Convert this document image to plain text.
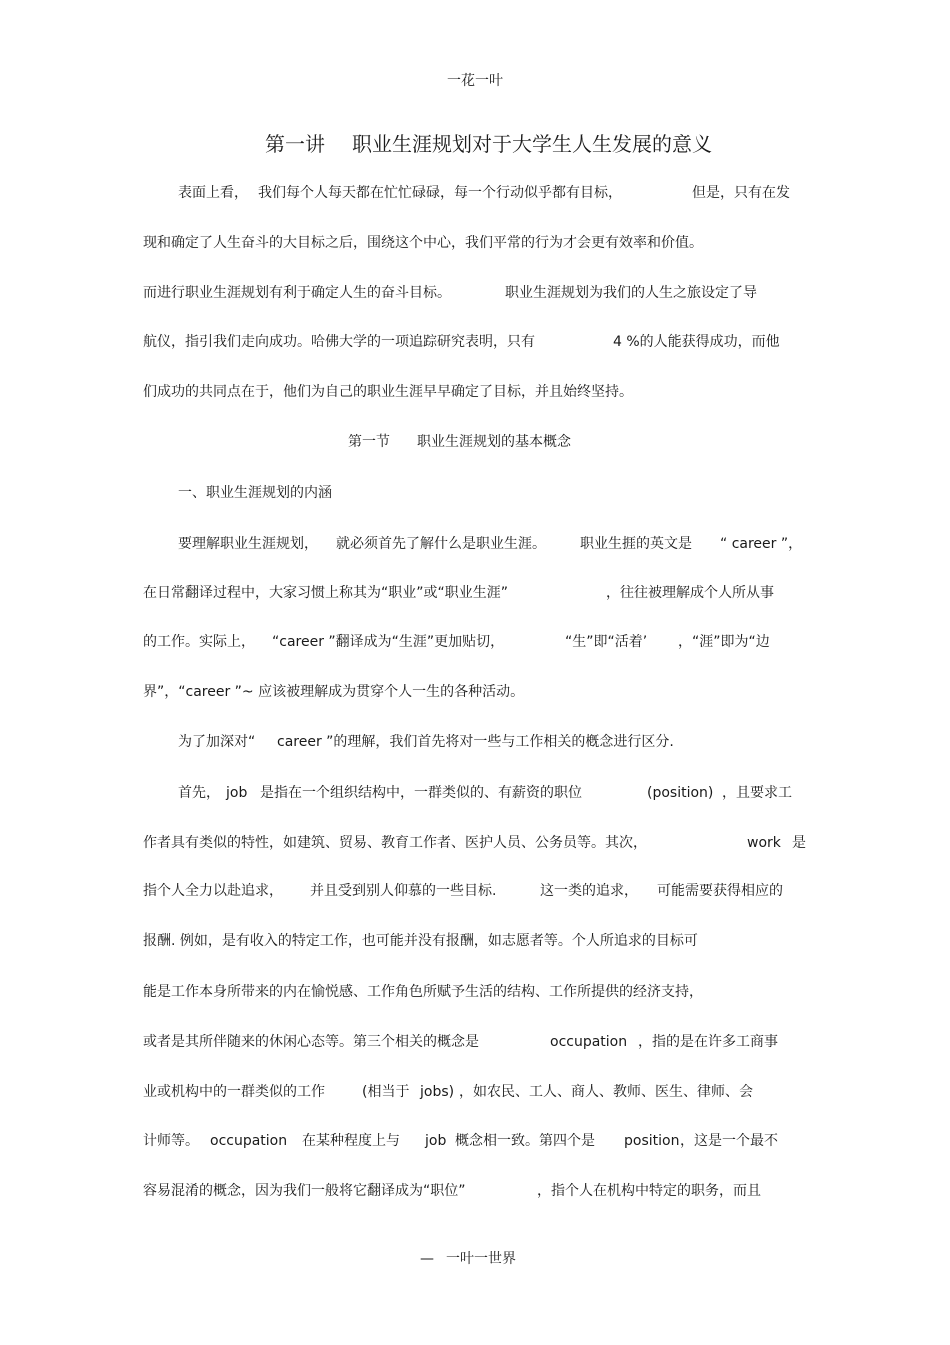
一花一叶

第一讲

职业生涯规划对于大学生人生发展的意义

表面上看，

我们每个人每天都在忙忙碌碌，每一个行动似乎都有目标，

	但是，只有在发

现和确定了人生奋斗的大目标之后，围绕这个中心，我们平常的行为才会更有效率和价值。

而进行职业生涯规划有利于确定人生的奋斗目标。

	职业生涯规划为我们的人生之旅设定了导

航仪，指引我们走向成功。哈佛大学的一项追踪研究表明，只有

	4 %的人能获得成功，而他

们成功的共同点在于，他们为自己的职业生涯早早确定了目标，并且始终坚持。

第一节

职业生涯规划的基本概念

一、职业生涯规划的内涵

要理解职业生涯规划，

就必须首先了解什么是职业生涯。

职业生捱的英文是

“ career ”，

在日常翻译过程中，大家习惯上称其为“职业”或“职业生涯”

	，往往被理解成个人所从事

的工作。实际上，

“career ”翻译成为“生涯”更加贴切，

	“生”即“活着’

，“涯”即为“边

界”，“career ”~ 应该被理解成为贯穿个人一生的各种活动。

为了加深对“

career ”的理解，我们首先将对一些与工作相关的槪念进行区分.

首先，

job

是指在一个组织结构中，一群类似的、有薪资的职位

	(position)

，且要求工

作者具有类似的特性，如建筑、贸易、教育工作者、医护人员、公务员等。其次，

	work

是

指个人全力以赴追求，

并且受到别人仰慕的一些目标.

	这一类的追求，

可能需要获得相应的

报酬. 例如，是有收入的特定工作，也可能并没有报酬，如志愿者等。个人所追求的目标可

能是工作本身所带来的内在愉悦感、工作角色所赋予生活的结构、工作所提供的经济支持，

或者是其所伴随来的休闲心态等。第三个相关的概念是

	occupation

，指的是在许多工商事

业或机构中的一群类似的工作

	(相当于

jobs)

，如农民、工人、商人、教师、医生、律师、会

计师等。

occupation

在某种程度上与

job

概念相一致。第四个是

position

，这是一个最不

容易混淆的概念，因为我们一般将它翻译成为“职位”

	，指个人在机构中特定的职务，而且

—

一叶一世界
